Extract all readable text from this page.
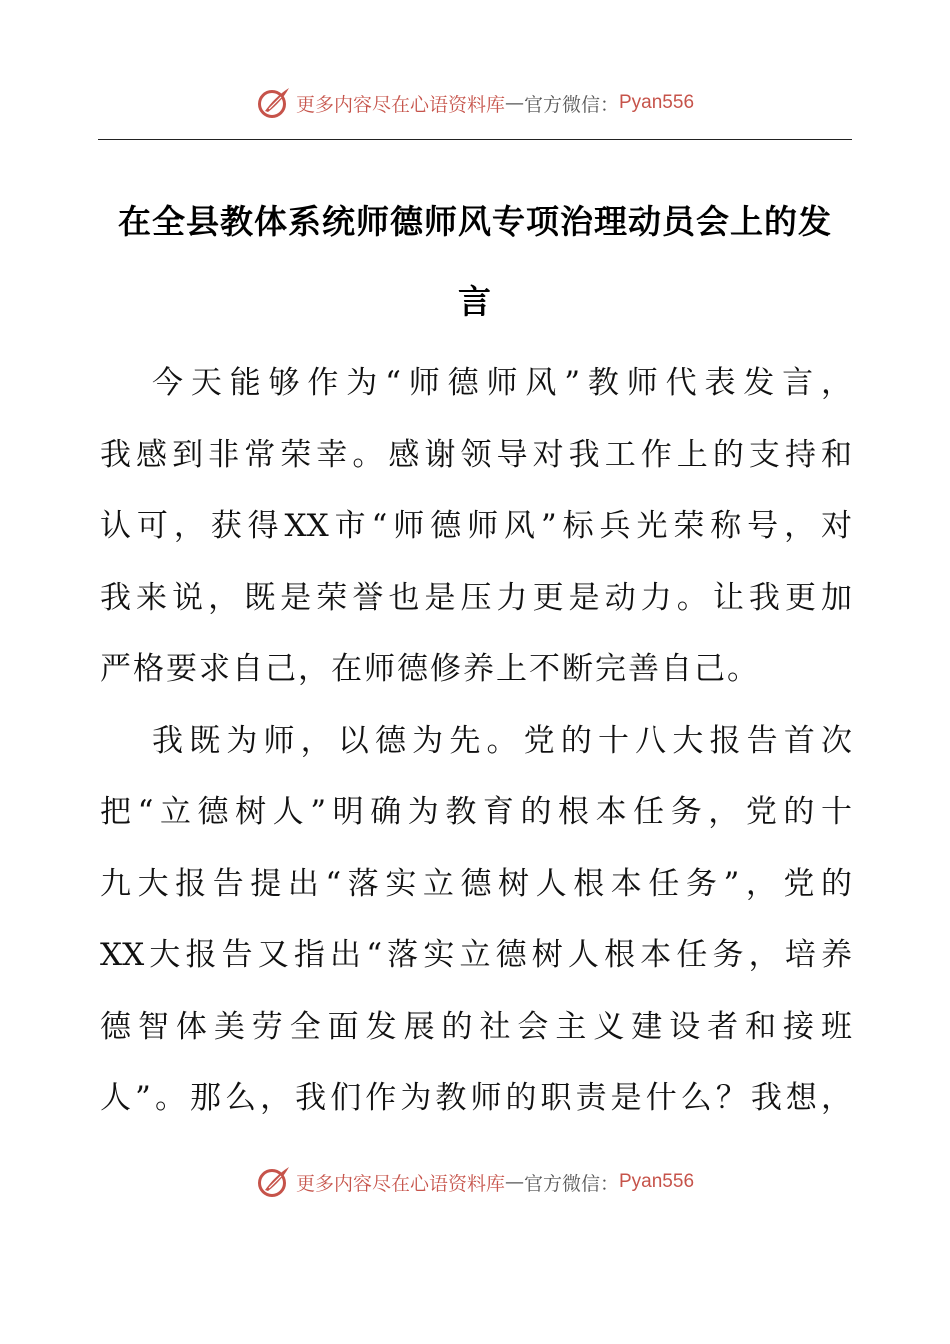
更多内容尽在心语资料库 — 官方微信： Pyan556
在全县教体系统师德师风专项治理动员会上的发
言
今天能够作为“师德师风”教师代表发言，
我感到非常荣幸。感谢领导对我工作上的支持和
认可，获得XX市“师德师风”标兵光荣称号，对
我来说，既是荣誉也是压力更是动力。让我更加
严格要求自己，在师德修养上不断完善自己。
我既为师，以德为先。党的十八大报告首次
把“立德树人”明确为教育的根本任务，党的十
九大报告提出“落实立德树人根本任务”，党的
XX大报告又指出“落实立德树人根本任务，培养
德智体美劳全面发展的社会主义建设者和接班
人”。那么，我们作为教师的职责是什么？我想，
更多内容尽在心语资料库 — 官方微信： Pyan556
